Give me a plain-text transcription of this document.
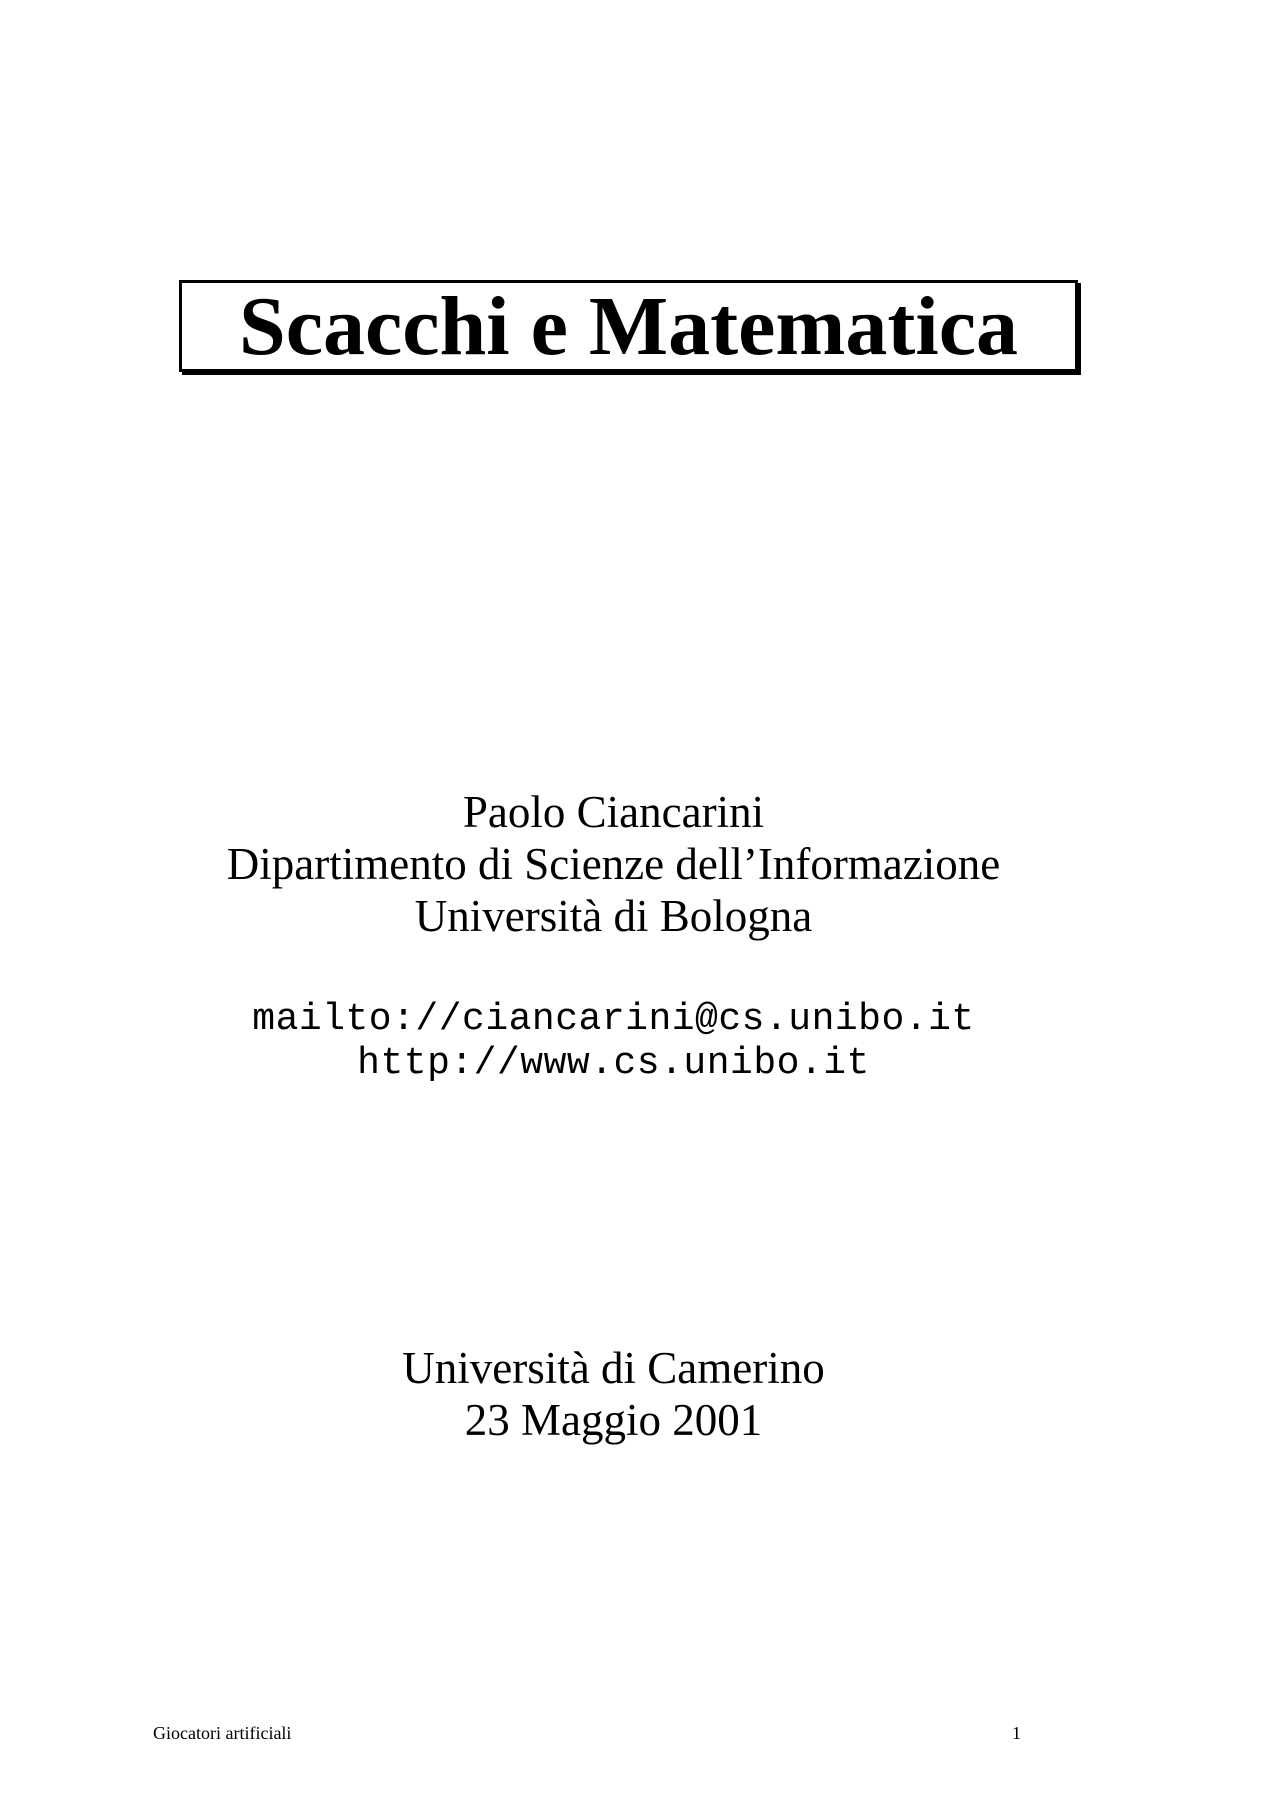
Scacchi e Matematica
Paolo Ciancarini
Dipartimento di Scienze dell’Informazione
Università di Bologna
mailto://ciancarini@cs.unibo.it
http://www.cs.unibo.it
Università di Camerino
23 Maggio 2001
Giocatori artificiali	1
